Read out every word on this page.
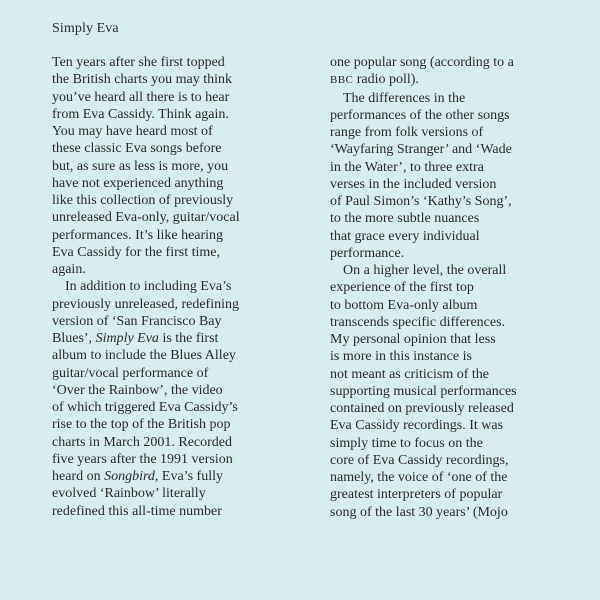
Simply Eva
Ten years after she first topped
the British charts you may think
you’ve heard all there is to hear
from Eva Cassidy. Think again.
You may have heard most of
these classic Eva songs before
but, as sure as less is more, you
have not experienced anything
like this collection of previously
unreleased Eva-only, guitar/vocal
performances. It’s like hearing
Eva Cassidy for the first time,
again.
In addition to including Eva’s
previously unreleased, redefining
version of ‘San Francisco Bay
Blues’, Simply Eva is the first
album to include the Blues Alley
guitar/vocal performance of
‘Over the Rainbow’, the video
of which triggered Eva Cassidy’s
rise to the top of the British pop
charts in March 2001. Recorded
five years after the 1991 version
heard on Songbird, Eva’s fully
evolved ‘Rainbow’ literally
redefined this all-time number
one popular song (according to a
BBC radio poll).
The differences in the
performances of the other songs
range from folk versions of
‘Wayfaring Stranger’ and ‘Wade
in the Water’, to three extra
verses in the included version
of Paul Simon’s ‘Kathy’s Song’,
to the more subtle nuances
that grace every individual
performance.
On a higher level, the overall
experience of the first top
to bottom Eva-only album
transcends specific differences.
My personal opinion that less
is more in this instance is
not meant as criticism of the
supporting musical performances
contained on previously released
Eva Cassidy recordings. It was
simply time to focus on the
core of Eva Cassidy recordings,
namely, the voice of ‘one of the
greatest interpreters of popular
song of the last 30 years’ (Mojo
